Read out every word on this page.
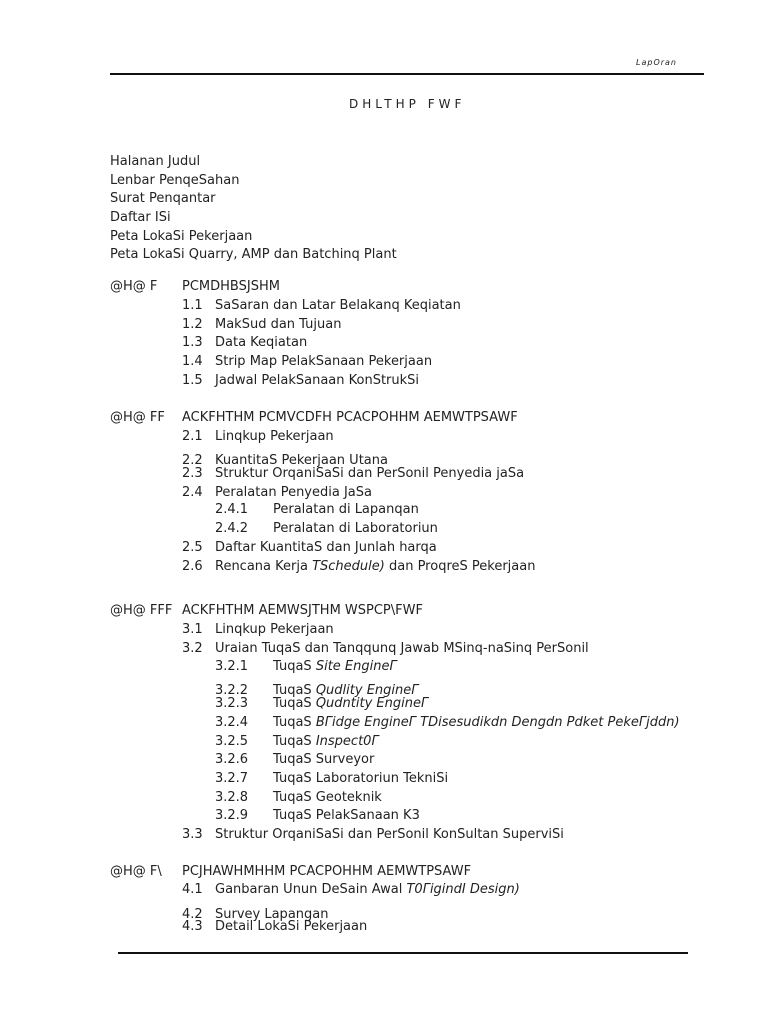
LapOran
DHLTHP FWF
Halanan Judul
Lenbar PenqeSahan
Surat Penqantar
Daftar ISi
Peta LokaSi Pekerjaan
Peta LokaSi Quarry, AMP dan Batchinq Plant
@H@ F PCMDHBSJSHM
1.1 SaSaran dan Latar Belakanq Keqiatan
1.2 MakSud dan Tujuan
1.3 Data Keqiatan
1.4 Strip Map PelakSanaan Pekerjaan
1.5 Jadwal PelakSanaan KonStrukSi
@H@ FF ACKFHTHM PCMVCDFH PCACPOHHM AEMWTPSAWF
2.1 Linqkup Pekerjaan
2.2 KuantitaS Pekerjaan Utana
2.3 Struktur OrqaniSaSi dan PerSonil Penyedia jaSa
2.4 Peralatan Penyedia JaSa
2.4.1 Peralatan di Lapanqan
2.4.2 Peralatan di Laboratoriun
2.5 Daftar KuantitaS dan Junlah harqa
2.6 Rencana Kerja TSchedule) dan ProqreS Pekerjaan
@H@ FFF ACKFHTHM AEMWSJTHM WSPCP\FWF
3.1 Linqkup Pekerjaan
3.2 Uraian TuqaS dan Tanqqunq Jawab MSinq-naSinq PerSonil
3.2.1 TuqaS Site EngineΓ
3.2.2 TuqaS Qudlity EngineΓ
3.2.3 TuqaS Qudntity EngineΓ
3.2.4 TuqaS BΓidge EngineΓ TDisesudikdn Dengdn Pdket PekeΓjddn)
3.2.5 TuqaS Inspect0Γ
3.2.6 TuqaS Surveyor
3.2.7 TuqaS Laboratoriun TekniSi
3.2.8 TuqaS Geoteknik
3.2.9 TuqaS PelakSanaan K3
3.3 Struktur OrqaniSaSi dan PerSonil KonSultan SuperviSi
@H@ F\ PCJHAWHMHHM PCACPOHHM AEMWTPSAWF
4.1 Ganbaran Unun DeSain Awal T0ΓigindI Design)
4.2 Survey Lapangan
4.3 Detail LokaSi Pekerjaan
